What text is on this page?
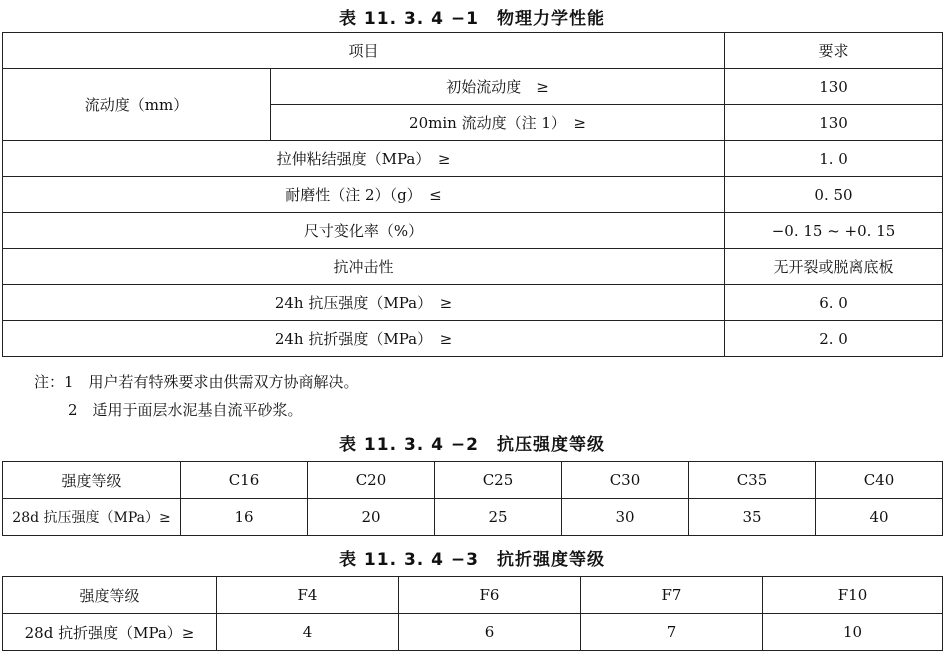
表 11. 3. 4 −1　物理力学性能
项目		要求
流动度（mm）	初始流动度　≥	130
	20min 流动度（注 1）　≥	130
拉伸粘结强度（MPa）　≥		1. 0
耐磨性（注 2）（g）　≤		0. 50
尺寸变化率（%）		−0. 15 ~ +0. 15
抗冲击性		无开裂或脱离底板
24h 抗压强度（MPa）　≥		6. 0
24h 抗折强度（MPa）　≥		2. 0
注：1　用户若有特殊要求由供需双方协商解决。
2　适用于面层水泥基自流平砂浆。
表 11. 3. 4 −2　抗压强度等级
强度等级	C16	C20	C25	C30	C35	C40
28d 抗压强度（MPa）≥	16	20	25	30	35	40
表 11. 3. 4 −3　抗折强度等级
强度等级	F4	F6	F7	F10
28d 抗折强度（MPa）≥	4	6	7	10
